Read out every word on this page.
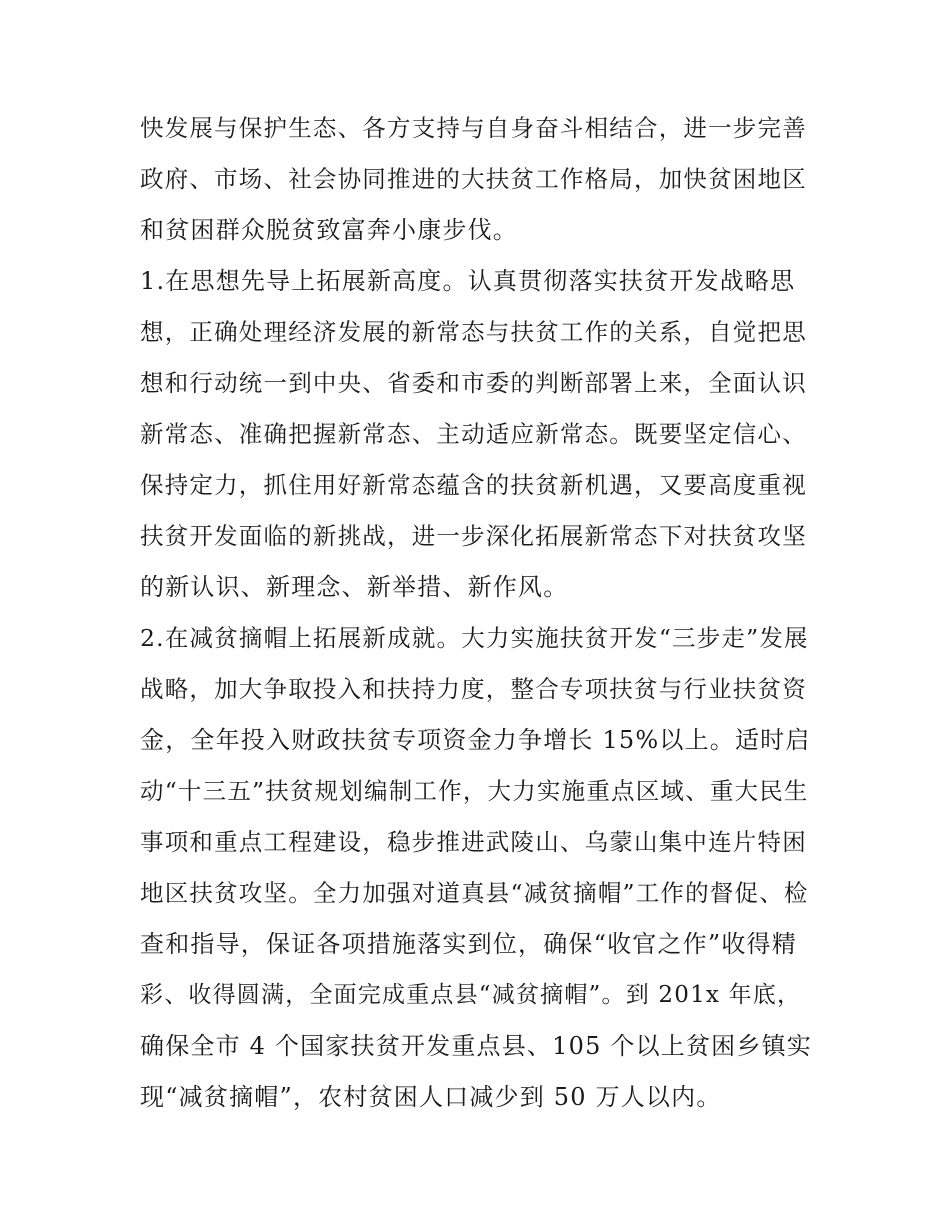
快发展与保护生态、各方支持与自身奋斗相结合，进一步完善
政府、市场、社会协同推进的大扶贫工作格局，加快贫困地区
和贫困群众脱贫致富奔小康步伐。
1.在思想先导上拓展新高度。认真贯彻落实扶贫开发战略思
想，正确处理经济发展的新常态与扶贫工作的关系，自觉把思
想和行动统一到中央、省委和市委的判断部署上来，全面认识
新常态、准确把握新常态、主动适应新常态。既要坚定信心、
保持定力，抓住用好新常态蕴含的扶贫新机遇，又要高度重视
扶贫开发面临的新挑战，进一步深化拓展新常态下对扶贫攻坚
的新认识、新理念、新举措、新作风。
2.在减贫摘帽上拓展新成就。大力实施扶贫开发“三步走”发展
战略，加大争取投入和扶持力度，整合专项扶贫与行业扶贫资
金，全年投入财政扶贫专项资金力争增长 15%以上。适时启
动“十三五”扶贫规划编制工作，大力实施重点区域、重大民生
事项和重点工程建设，稳步推进武陵山、乌蒙山集中连片特困
地区扶贫攻坚。全力加强对道真县“减贫摘帽”工作的督促、检
查和指导，保证各项措施落实到位，确保“收官之作”收得精
彩、收得圆满，全面完成重点县“减贫摘帽”。到 201x 年底，
确保全市 4 个国家扶贫开发重点县、105 个以上贫困乡镇实
现“减贫摘帽”，农村贫困人口减少到 50 万人以内。
